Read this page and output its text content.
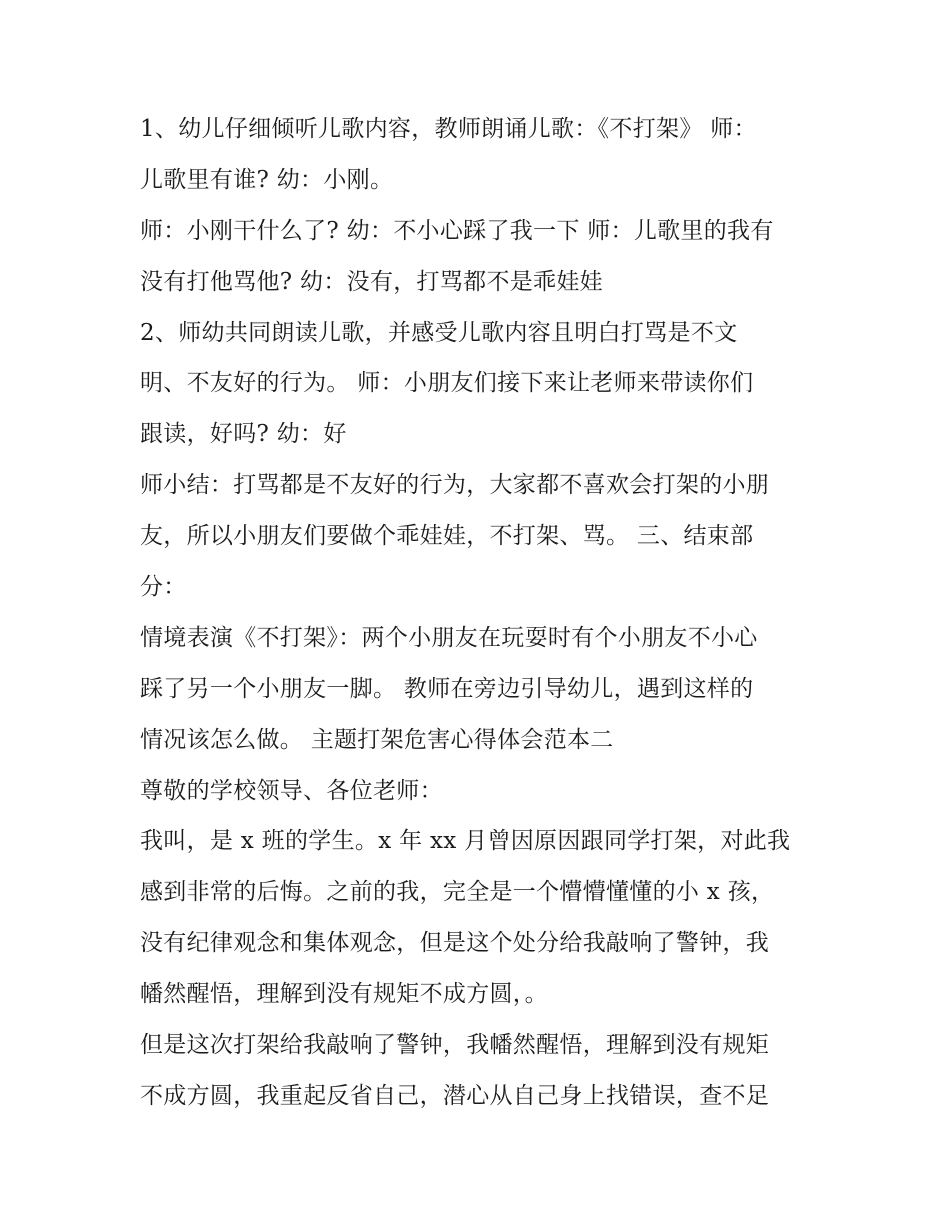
1、幼儿仔细倾听儿歌内容，教师朗诵儿歌：《不打架》 师：
儿歌里有谁? 幼：小刚。
师：小刚干什么了? 幼：不小心踩了我一下 师：儿歌里的我有
没有打他骂他? 幼：没有，打骂都不是乖娃娃
2、师幼共同朗读儿歌，并感受儿歌内容且明白打骂是不文
明、不友好的行为。 师：小朋友们接下来让老师来带读你们
跟读，好吗? 幼：好
师小结：打骂都是不友好的行为，大家都不喜欢会打架的小朋
友，所以小朋友们要做个乖娃娃，不打架、骂。 三、结束部
分：
情境表演《不打架》：两个小朋友在玩耍时有个小朋友不小心
踩了另一个小朋友一脚。 教师在旁边引导幼儿，遇到这样的
情况该怎么做。 主题打架危害心得体会范本二
尊敬的学校领导、各位老师：
我叫，是 x 班的学生。x 年 xx 月曾因原因跟同学打架，对此我
感到非常的后悔。之前的我，完全是一个懵懵懂懂的小 x 孩，
没有纪律观念和集体观念，但是这个处分给我敲响了警钟，我
幡然醒悟，理解到没有规矩不成方圆，。
但是这次打架给我敲响了警钟，我幡然醒悟，理解到没有规矩
不成方圆，我重起反省自己，潜心从自己身上找错误，查不足
